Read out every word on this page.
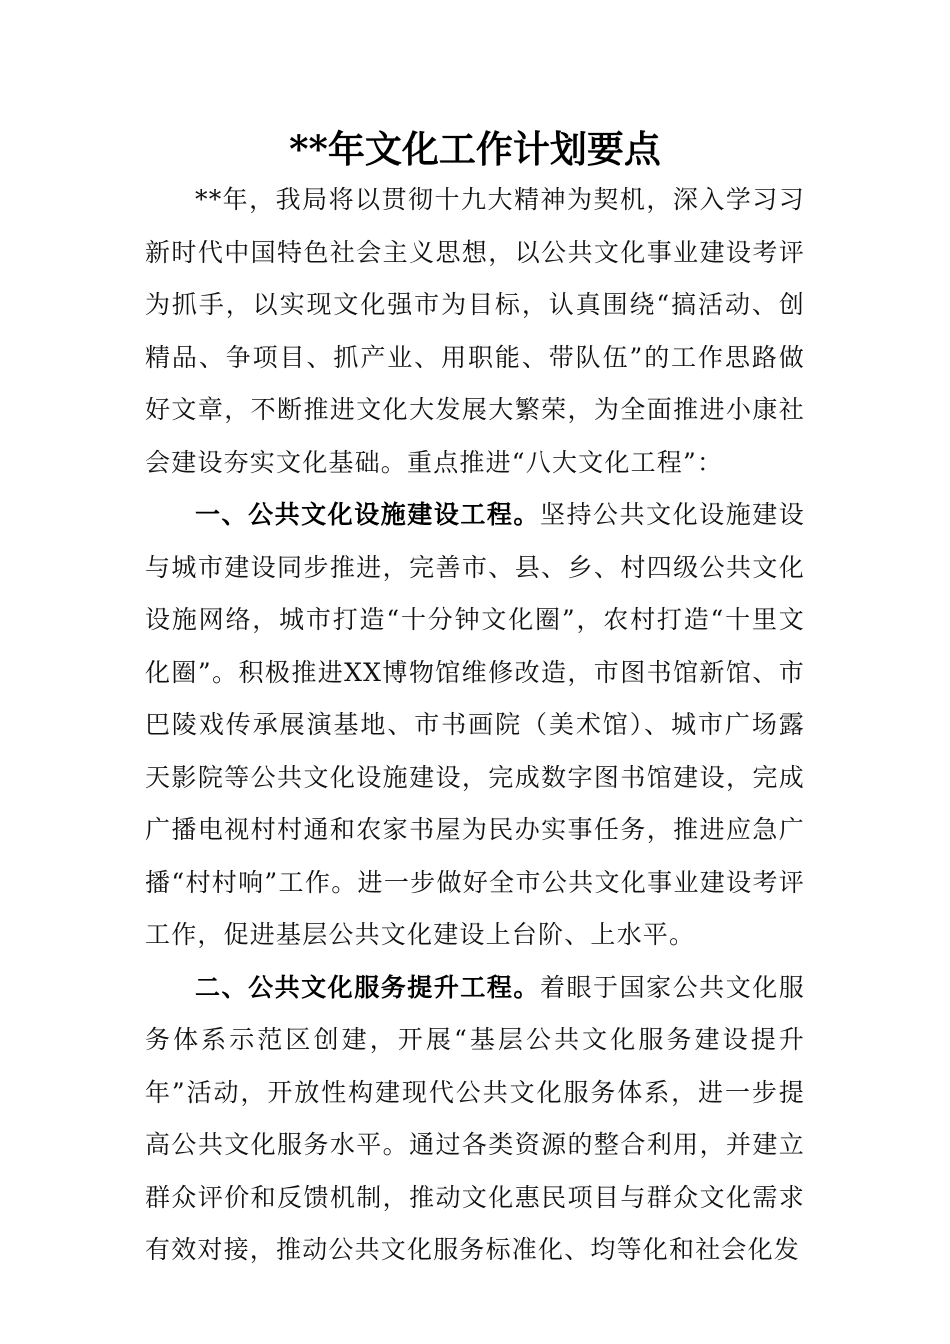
**年文化工作计划要点

**年，我局将以贯彻十九大精神为契机，深入学习习新时代中国特色社会主义思想，以公共文化事业建设考评为抓手，以实现文化强市为目标，认真围绕“搞活动、创精品、争项目、抓产业、用职能、带队伍”的工作思路做好文章，不断推进文化大发展大繁荣，为全面推进小康社会建设夯实文化基础。重点推进“八大文化工程”：

一、公共文化设施建设工程。坚持公共文化设施建设与城市建设同步推进，完善市、县、乡、村四级公共文化设施网络，城市打造“十分钟文化圈”，农村打造“十里文化圈”。积极推进XX博物馆维修改造，市图书馆新馆、市巴陵戏传承展演基地、市书画院（美术馆）、城市广场露天影院等公共文化设施建设，完成数字图书馆建设，完成广播电视村村通和农家书屋为民办实事任务，推进应急广播“村村响”工作。进一步做好全市公共文化事业建设考评工作，促进基层公共文化建设上台阶、上水平。

二、公共文化服务提升工程。着眼于国家公共文化服务体系示范区创建，开展“基层公共文化服务建设提升年”活动，开放性构建现代公共文化服务体系，进一步提高公共文化服务水平。通过各类资源的整合利用，并建立群众评价和反馈机制，推动文化惠民项目与群众文化需求有效对接，推动公共文化服务标准化、均等化和社会化发
